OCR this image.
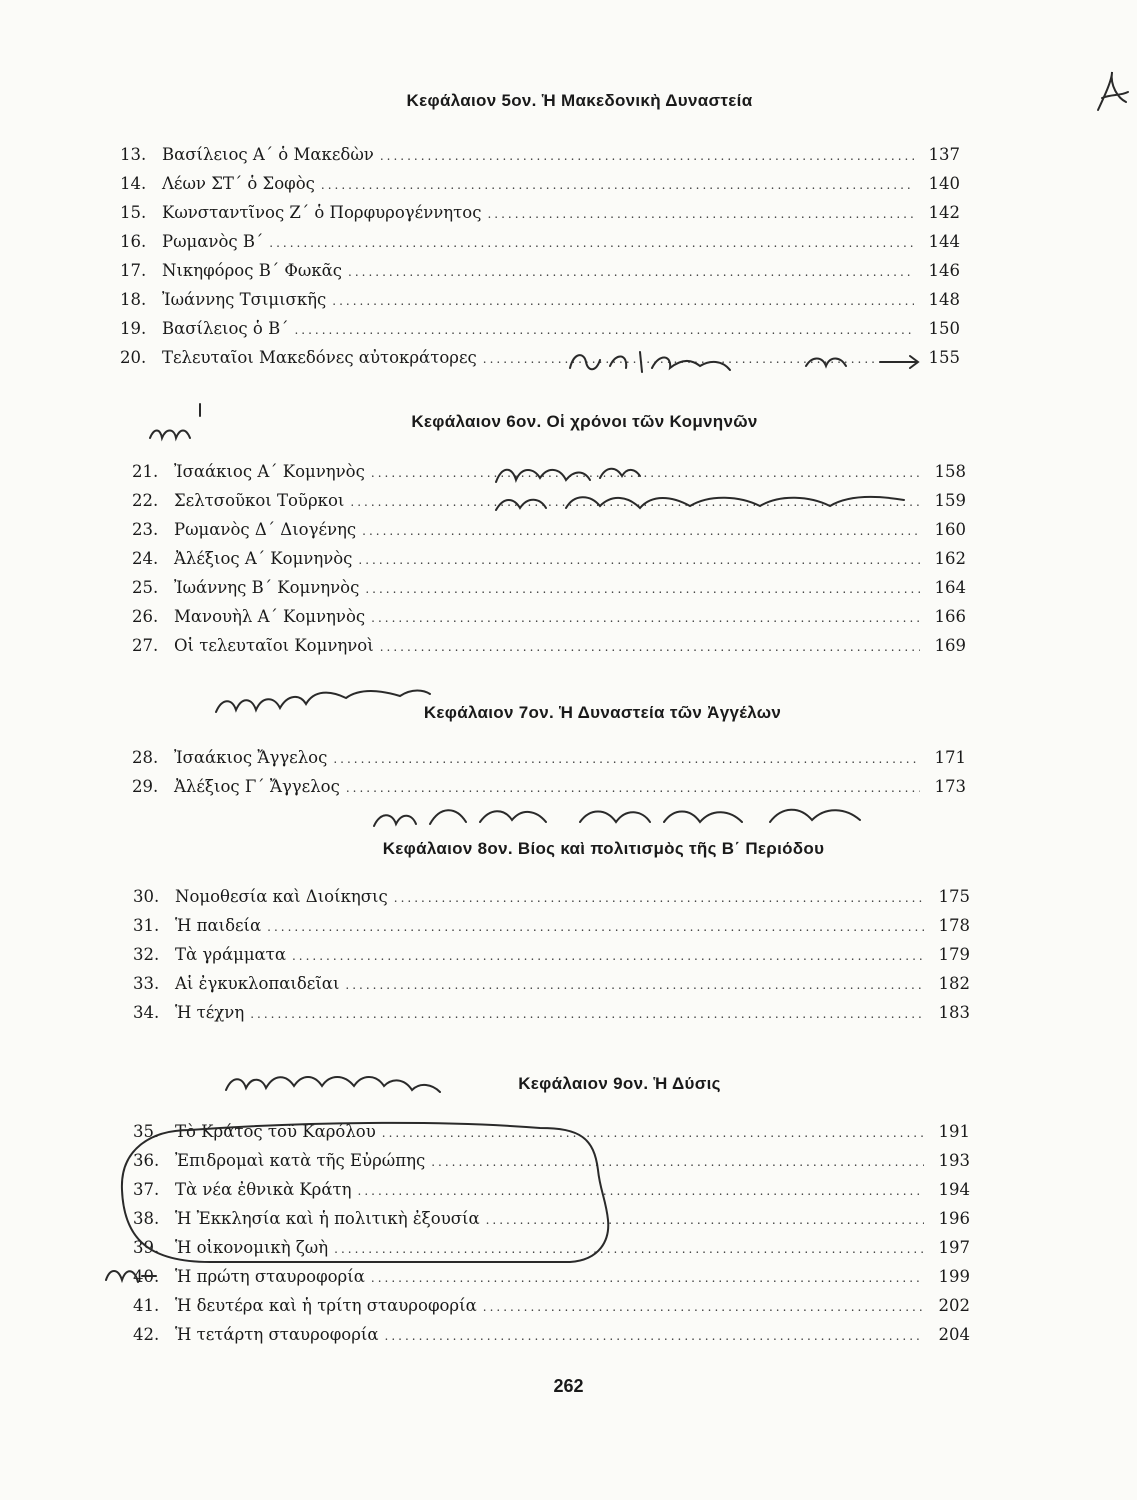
Κεφάλαιον 5ον. Ἡ Μακεδονικὴ Δυναστεία
13. Βασίλειος Α΄ ὁ Μακεδὼν .....	137
14. Λέων ΣΤ΄ ὁ Σοφὸς .....	140
15. Κωνσταντῖνος Ζ΄ ὁ Πορφυρογέννητος .....	142
16. Ρωμανὸς Β΄ .....	144
17. Νικηφόρος Β΄ Φωκᾶς .....	146
18. Ἰωάννης Τσιμισκῆς .....	148
19. Βασίλειος ὁ Β΄ .....	150
20. Τελευταῖοι Μακεδόνες αὐτοκράτορες .....	155
Κεφάλαιον 6ον. Οἱ χρόνοι τῶν Κομνηνῶν
21. Ἰσαάκιος Α΄ Κομνηνὸς .....	158
22. Σελτσοῦκοι Τοῦρκοι .....	159
23. Ρωμανὸς Δ΄ Διογένης .....	160
24. Ἀλέξιος Α΄ Κομνηνὸς .....	162
25. Ἰωάννης Β΄ Κομνηνὸς .....	164
26. Μανουὴλ Α΄ Κομνηνὸς .....	166
27. Οἱ τελευταῖοι Κομνηνοὶ .....	169
Κεφάλαιον 7ον. Ἡ Δυναστεία τῶν Ἀγγέλων
28. Ἰσαάκιος Ἄγγελος .....	171
29. Ἀλέξιος Γ΄ Ἄγγελος .....	173
Κεφάλαιον 8ον. Βίος καὶ πολιτισμὸς τῆς Β΄ Περιόδου
30. Νομοθεσία καὶ Διοίκησις .....	175
31. Ἡ παιδεία .....	178
32. Τὰ γράμματα .....	179
33. Αἱ ἐγκυκλοπαιδεῖαι .....	182
34. Ἡ τέχνη .....	183
Κεφάλαιον 9ον. Ἡ Δύσις
35. Τὸ Κράτος τοῦ Καρόλου .....	191
36. Ἐπιδρομαὶ κατὰ τῆς Εὐρώπης .....	193
37. Τὰ νέα ἐθνικὰ Κράτη .....	194
38. Ἡ Ἐκκλησία καὶ ἡ πολιτικὴ ἐξουσία .....	196
39. Ἡ οἰκονομικὴ ζωὴ .....	197
40. Ἡ πρώτη σταυροφορία .....	199
41. Ἡ δευτέρα καὶ ἡ τρίτη σταυροφορία .....	202
42. Ἡ τετάρτη σταυροφορία .....	204
262
